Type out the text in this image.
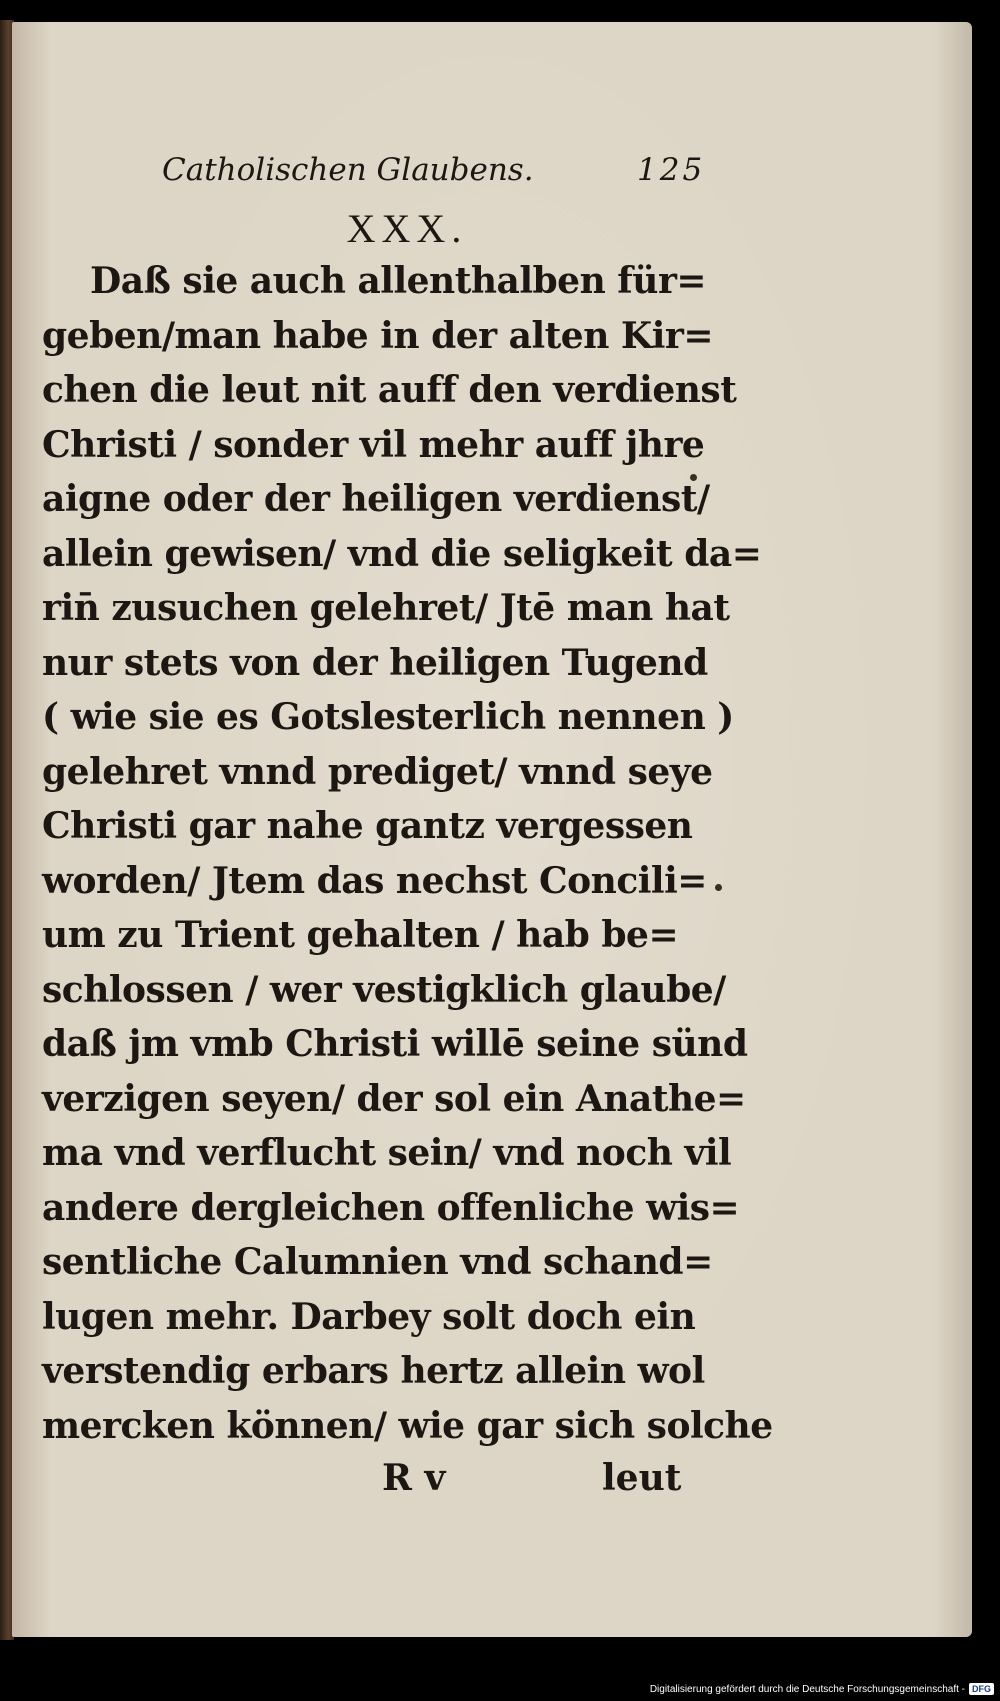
Catholischen Glaubens.	125
XXX.
Daß sie auch allenthalben für=
geben/man habe in der alten Kir=
chen die leut nit auff den verdienst
Christi / sonder vil mehr auff jhre
aigne oder der heiligen verdienst/
allein gewisen/ vnd die seligkeit da=
rin̄ zusuchen gelehret/ Jtē man hat
nur stets von der heiligen Tugend
( wie sie es Gotslesterlich nennen )
gelehret vnnd prediget/ vnnd seye
Christi gar nahe gantz vergessen
worden/ Jtem das nechst Concili=
um zu Trient gehalten / hab be=
schlossen / wer vestigklich glaube/
daß jm vmb Christi willē seine sünd
verzigen seyen/ der sol ein Anathe=
ma vnd verflucht sein/ vnd noch vil
andere dergleichen offenliche wis=
sentliche Calumnien vnd schand=
lugen mehr. Darbey solt doch ein
verstendig erbars hertz allein wol
mercken können/ wie gar sich solche
R v	leut
Digitalisierung gefördert durch die Deutsche Forschungsgemeinschaft - DFG
